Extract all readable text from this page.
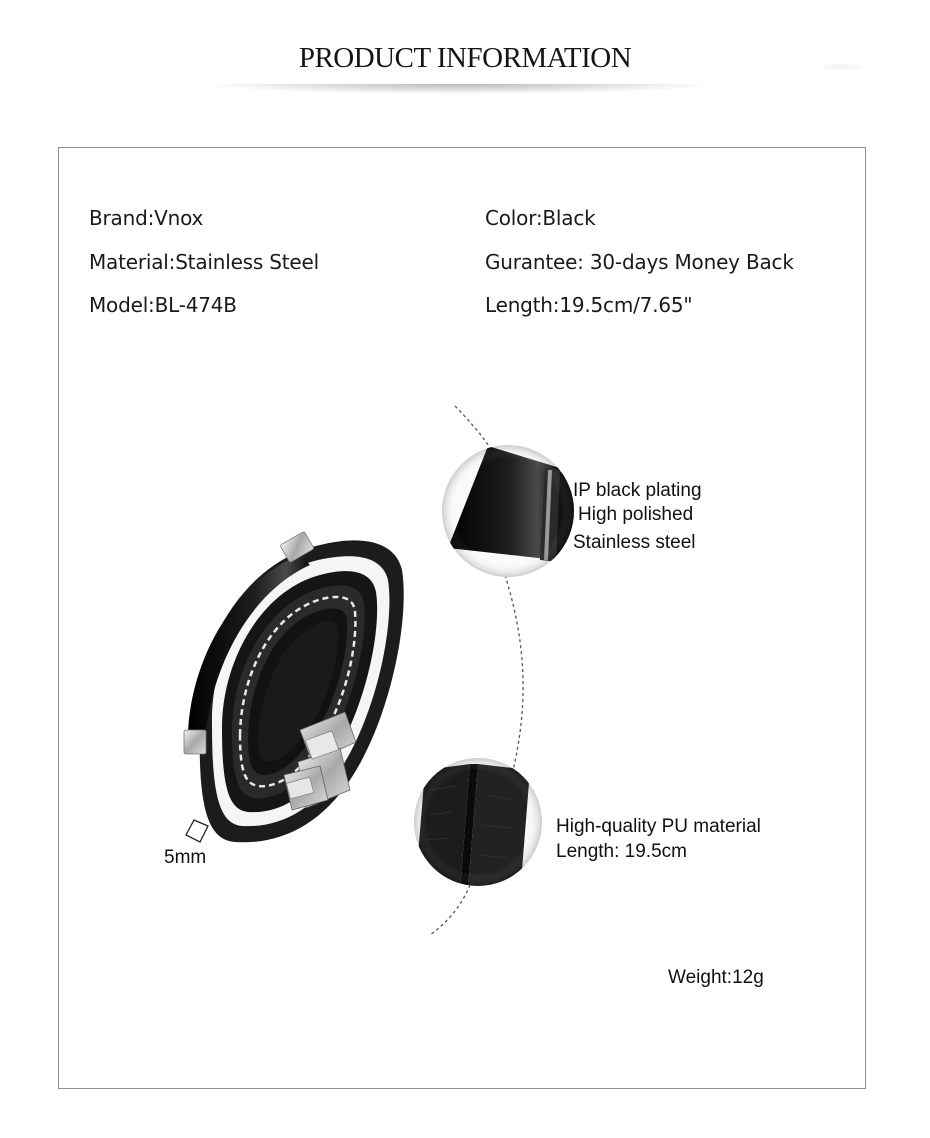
PRODUCT INFORMATION
Brand:Vnox
Material:Stainless Steel
Model:BL-474B
Color:Black
Gurantee: 30-days Money Back
Length:19.5cm/7.65"
IP black plating
High polished
Stainless steel
High-quality PU material
Length: 19.5cm
5mm
Weight:12g
